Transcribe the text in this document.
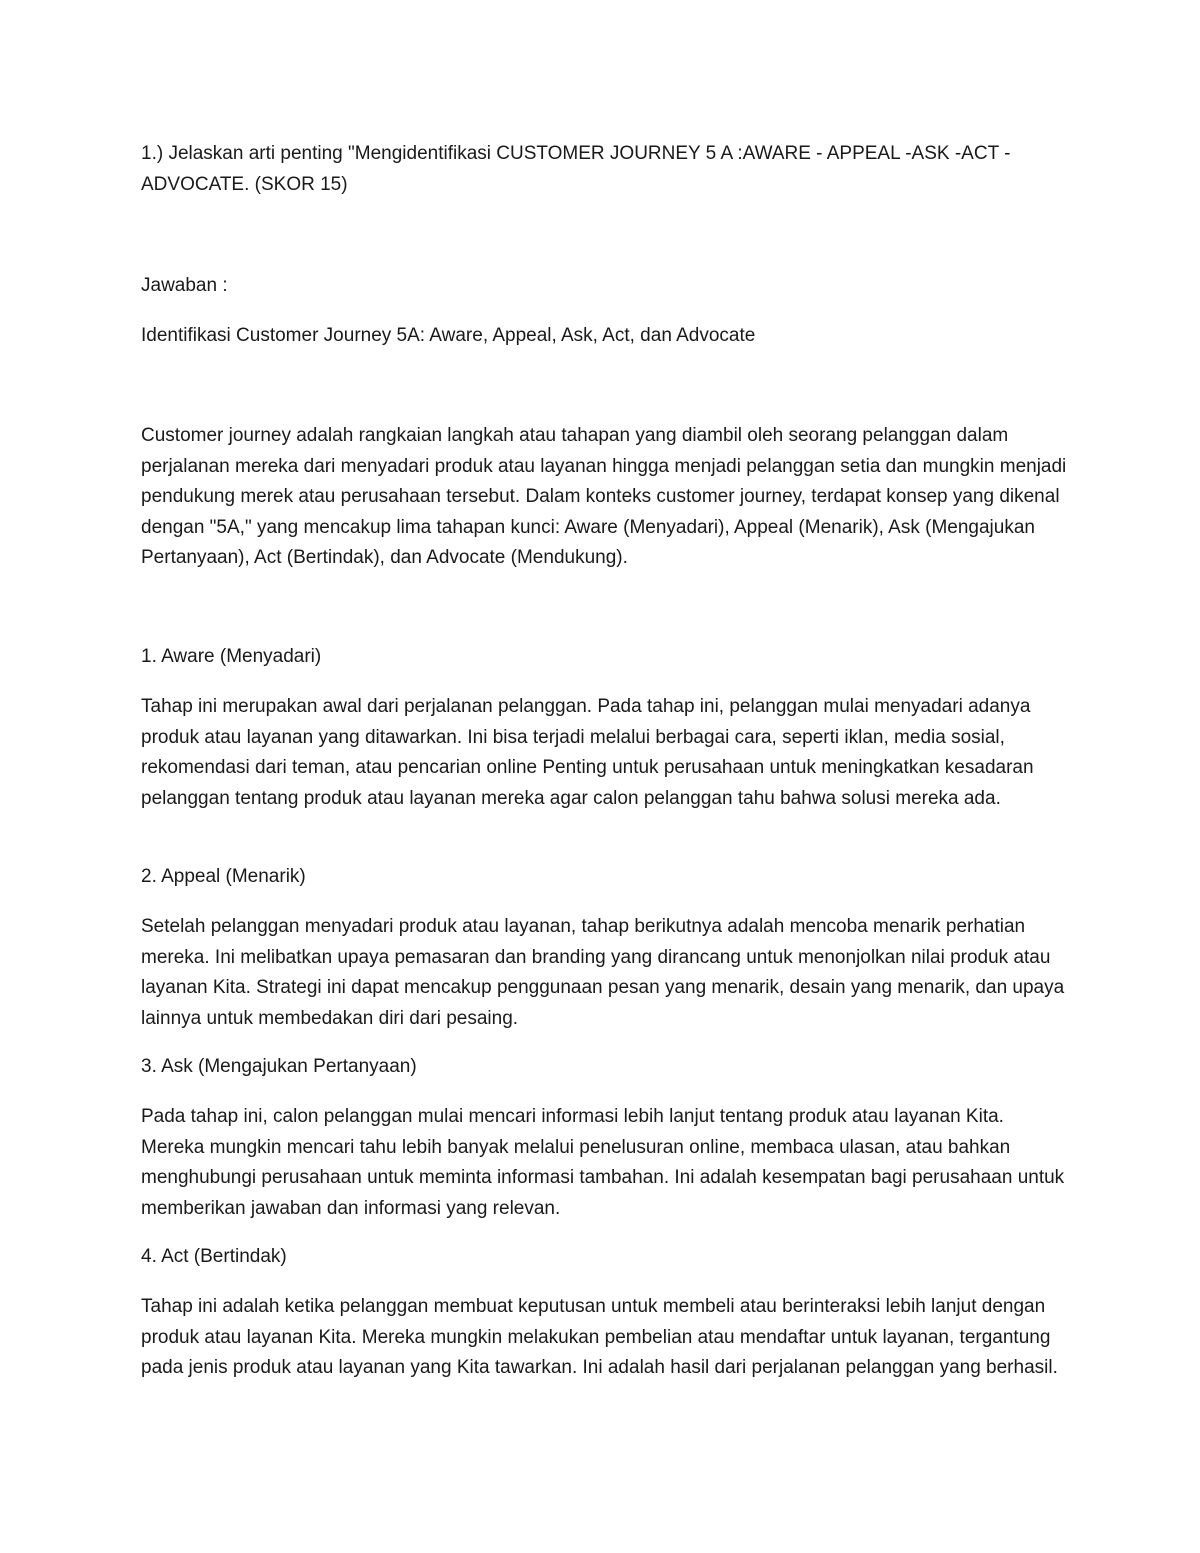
1.) Jelaskan arti penting "Mengidentifikasi CUSTOMER JOURNEY 5 A :AWARE - APPEAL -ASK -ACT - ADVOCATE. (SKOR 15)

Jawaban :

Identifikasi Customer Journey 5A: Aware, Appeal, Ask, Act, dan Advocate

Customer journey adalah rangkaian langkah atau tahapan yang diambil oleh seorang pelanggan dalam perjalanan mereka dari menyadari produk atau layanan hingga menjadi pelanggan setia dan mungkin menjadi pendukung merek atau perusahaan tersebut. Dalam konteks customer journey, terdapat konsep yang dikenal dengan "5A," yang mencakup lima tahapan kunci: Aware (Menyadari), Appeal (Menarik), Ask (Mengajukan Pertanyaan), Act (Bertindak), dan Advocate (Mendukung).

1. Aware (Menyadari)

Tahap ini merupakan awal dari perjalanan pelanggan. Pada tahap ini, pelanggan mulai menyadari adanya produk atau layanan yang ditawarkan. Ini bisa terjadi melalui berbagai cara, seperti iklan, media sosial, rekomendasi dari teman, atau pencarian online Penting untuk perusahaan untuk meningkatkan kesadaran pelanggan tentang produk atau layanan mereka agar calon pelanggan tahu bahwa solusi mereka ada.

2. Appeal (Menarik)

Setelah pelanggan menyadari produk atau layanan, tahap berikutnya adalah mencoba menarik perhatian mereka. Ini melibatkan upaya pemasaran dan branding yang dirancang untuk menonjolkan nilai produk atau layanan Kita. Strategi ini dapat mencakup penggunaan pesan yang menarik, desain yang menarik, dan upaya lainnya untuk membedakan diri dari pesaing.

3. Ask (Mengajukan Pertanyaan)

Pada tahap ini, calon pelanggan mulai mencari informasi lebih lanjut tentang produk atau layanan Kita. Mereka mungkin mencari tahu lebih banyak melalui penelusuran online, membaca ulasan, atau bahkan menghubungi perusahaan untuk meminta informasi tambahan. Ini adalah kesempatan bagi perusahaan untuk memberikan jawaban dan informasi yang relevan.

4. Act (Bertindak)

Tahap ini adalah ketika pelanggan membuat keputusan untuk membeli atau berinteraksi lebih lanjut dengan produk atau layanan Kita. Mereka mungkin melakukan pembelian atau mendaftar untuk layanan, tergantung pada jenis produk atau layanan yang Kita tawarkan. Ini adalah hasil dari perjalanan pelanggan yang berhasil.
